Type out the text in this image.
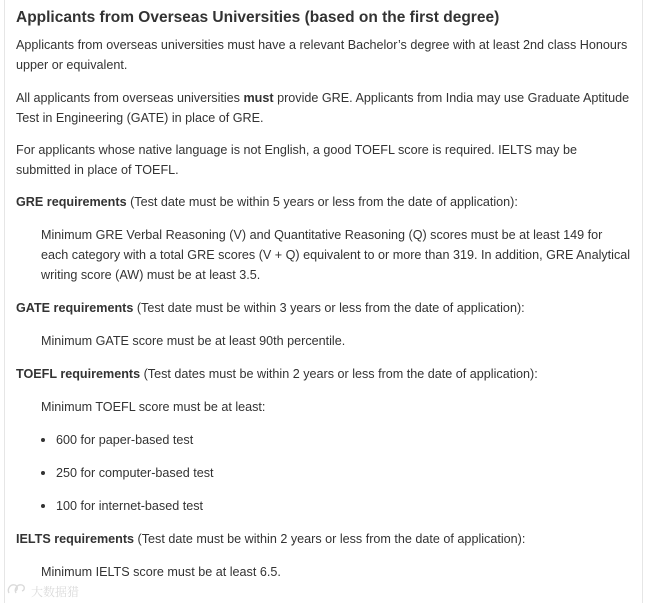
Applicants from Overseas Universities (based on the first degree)

Applicants from overseas universities must have a relevant Bachelor’s degree with at least 2nd class Honours upper or equivalent.

All applicants from overseas universities must provide GRE. Applicants from India may use Graduate Aptitude Test in Engineering (GATE) in place of GRE.

For applicants whose native language is not English, a good TOEFL score is required. IELTS may be submitted in place of TOEFL.

GRE requirements (Test date must be within 5 years or less from the date of application):

Minimum GRE Verbal Reasoning (V) and Quantitative Reasoning (Q) scores must be at least 149 for each category with a total GRE scores (V + Q) equivalent to or more than 319. In addition, GRE Analytical writing score (AW) must be at least 3.5.

GATE requirements (Test date must be within 3 years or less from the date of application):

Minimum GATE score must be at least 90th percentile.

TOEFL requirements (Test dates must be within 2 years or less from the date of application):

Minimum TOEFL score must be at least:

600 for paper-based test
250 for computer-based test
100 for internet-based test

IELTS requirements (Test date must be within 2 years or less from the date of application):

Minimum IELTS score must be at least 6.5.

大数据猎
